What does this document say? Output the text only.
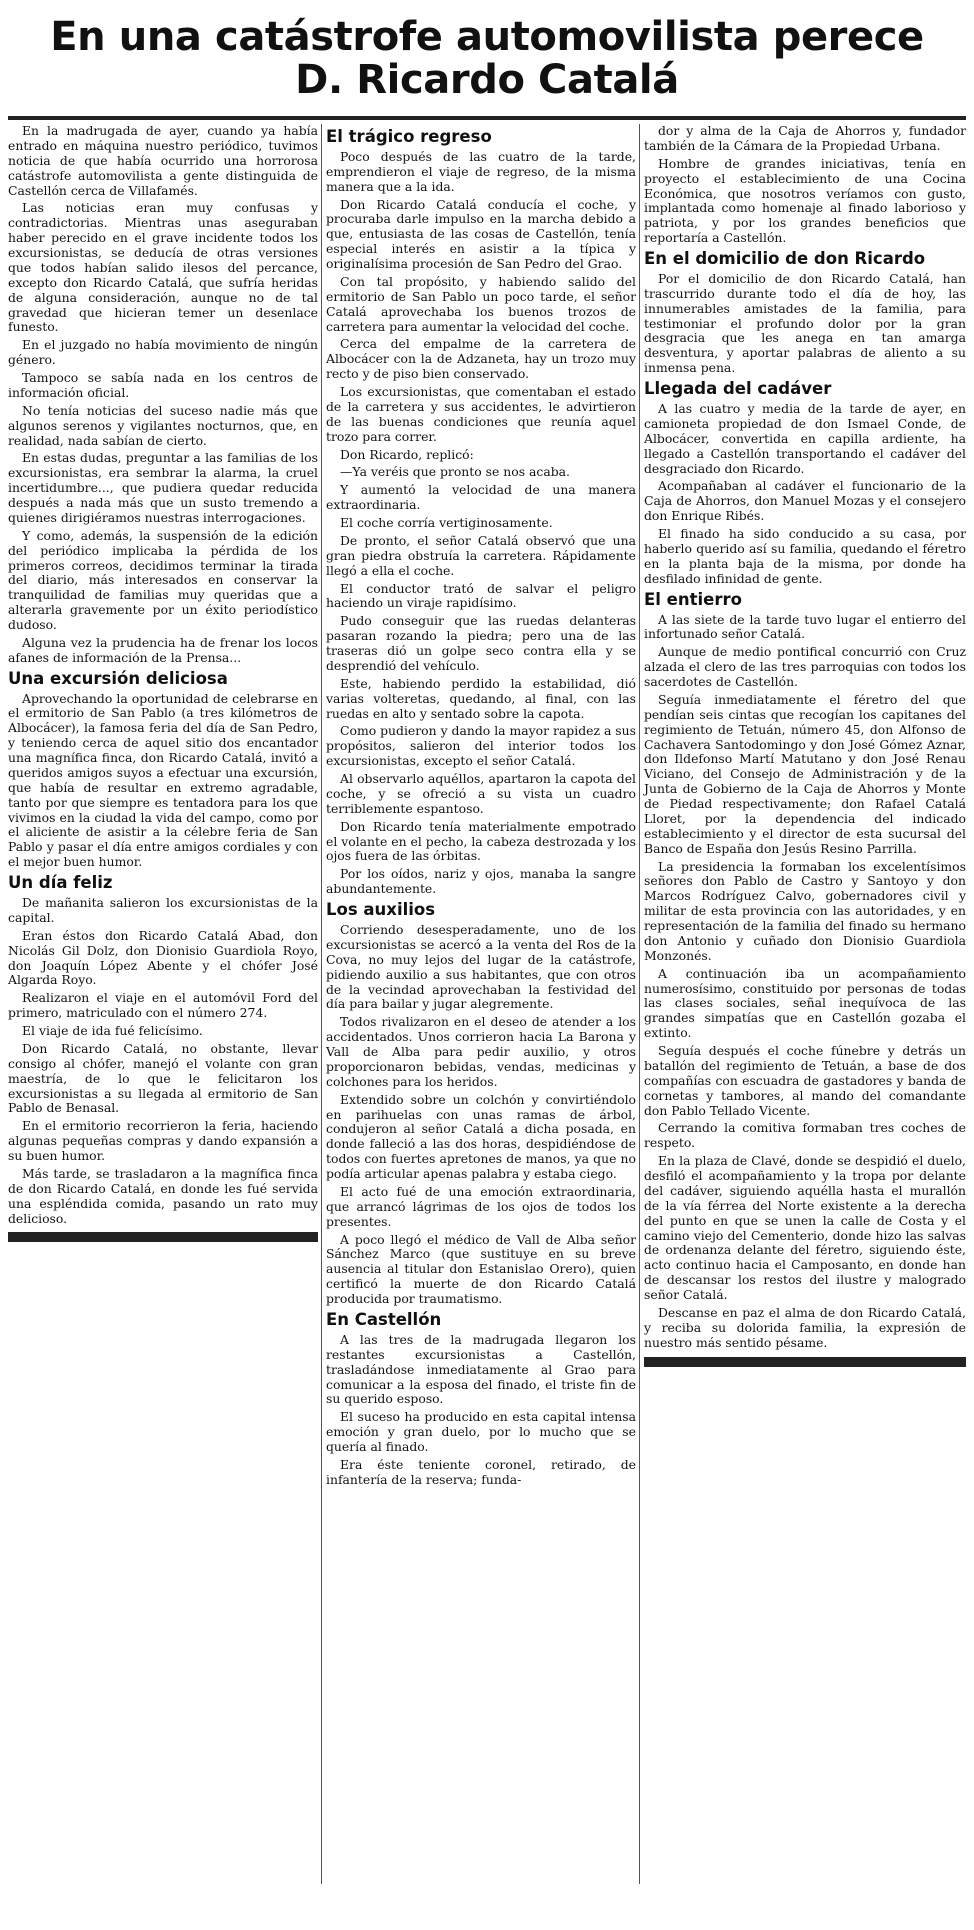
En una catástrofe automovilista perece
D. Ricardo Catalá

En la madrugada de ayer, cuando ya había entrado en máquina nuestro periódico, tuvimos noticia de que había ocurrido una horrorosa catástrofe automovilista a gente distinguida de Castellón cerca de Villafamés.

Las noticias eran muy confusas y contradictorias. Mientras unas aseguraban haber perecido en el grave incidente todos los excursionistas, se deducía de otras versiones que todos habían salido ilesos del percance, excepto don Ricardo Catalá, que sufría heridas de alguna consideración, aunque no de tal gravedad que hicieran temer un desenlace funesto.

En el juzgado no había movimiento de ningún género.

Tampoco se sabía nada en los centros de información oficial.

No tenía noticias del suceso nadie más que algunos serenos y vigilantes nocturnos, que, en realidad, nada sabían de cierto.

En estas dudas, preguntar a las familias de los excursionistas, era sembrar la alarma, la cruel incertidumbre..., que pudiera quedar reducida después a nada más que un susto tremendo a quienes dirigiéramos nuestras interrogaciones.

Y como, además, la suspensión de la edición del periódico implicaba la pérdida de los primeros correos, decidimos terminar la tirada del diario, más interesados en conservar la tranquilidad de familias muy queridas que a alterarla gravemente por un éxito periodístico dudoso.

Alguna vez la prudencia ha de frenar los locos afanes de información de la Prensa...

Una excursión deliciosa

Aprovechando la oportunidad de celebrarse en el ermitorio de San Pablo (a tres kilómetros de Albocácer), la famosa feria del día de San Pedro, y teniendo cerca de aquel sitio dos encantador una magnífica finca, don Ricardo Catalá, invitó a queridos amigos suyos a efectuar una excursión, que había de resultar en extremo agradable, tanto por que siempre es tentadora para los que vivimos en la ciudad la vida del campo, como por el aliciente de asistir a la célebre feria de San Pablo y pasar el día entre amigos cordiales y con el mejor buen humor.

Un día feliz

De mañanita salieron los excursionistas de la capital.

Eran éstos don Ricardo Catalá Abad, don Nicolás Gil Dolz, don Dionisio Guardiola Royo, don Joaquín López Abente y el chófer José Algarda Royo.

Realizaron el viaje en el automóvil Ford del primero, matriculado con el número 274.

El viaje de ida fué felicísimo.

Don Ricardo Catalá, no obstante, llevar consigo al chófer, manejó el volante con gran maestría, de lo que le felicitaron los excursionistas a su llegada al ermitorio de San Pablo de Benasal.

En el ermitorio recorrieron la feria, haciendo algunas pequeñas compras y dando expansión a su buen humor.

Más tarde, se trasladaron a la magnífica finca de don Ricardo Catalá, en donde les fué servida una espléndida comida, pasando un rato muy delicioso.

El trágico regreso

Poco después de las cuatro de la tarde, emprendieron el viaje de regreso, de la misma manera que a la ida.

Don Ricardo Catalá conducía el coche, y procuraba darle impulso en la marcha debido a que, entusiasta de las cosas de Castellón, tenía especial interés en asistir a la típica y originalísima procesión de San Pedro del Grao.

Con tal propósito, y habiendo salido del ermitorio de San Pablo un poco tarde, el señor Catalá aprovechaba los buenos trozos de carretera para aumentar la velocidad del coche.

Cerca del empalme de la carretera de Albocácer con la de Adzaneta, hay un trozo muy recto y de piso bien conservado.

Los excursionistas, que comentaban el estado de la carretera y sus accidentes, le advirtieron de las buenas condiciones que reunía aquel trozo para correr.

Don Ricardo, replicó:

—Ya veréis que pronto se nos acaba.

Y aumentó la velocidad de una manera extraordinaria.

El coche corría vertiginosamente.

De pronto, el señor Catalá observó que una gran piedra obstruía la carretera. Rápidamente llegó a ella el coche.

El conductor trató de salvar el peligro haciendo un viraje rapidísimo.

Pudo conseguir que las ruedas delanteras pasaran rozando la piedra; pero una de las traseras dió un golpe seco contra ella y se desprendió del vehículo.

Este, habiendo perdido la estabilidad, dió varias volteretas, quedando, al final, con las ruedas en alto y sentado sobre la capota.

Como pudieron y dando la mayor rapidez a sus propósitos, salieron del interior todos los excursionistas, excepto el señor Catalá.

Al observarlo aquéllos, apartaron la capota del coche, y se ofreció a su vista un cuadro terriblemente espantoso.

Don Ricardo tenía materialmente empotrado el volante en el pecho, la cabeza destrozada y los ojos fuera de las órbitas.

Por los oídos, nariz y ojos, manaba la sangre abundantemente.

Los auxilios

Corriendo desesperadamente, uno de los excursionistas se acercó a la venta del Ros de la Cova, no muy lejos del lugar de la catástrofe, pidiendo auxilio a sus habitantes, que con otros de la vecindad aprovechaban la festividad del día para bailar y jugar alegremente.

Todos rivalizaron en el deseo de atender a los accidentados. Unos corrieron hacia La Barona y Vall de Alba para pedir auxilio, y otros proporcionaron bebidas, vendas, medicinas y colchones para los heridos.

Extendido sobre un colchón y convirtiéndolo en parihuelas con unas ramas de árbol, condujeron al señor Catalá a dicha posada, en donde falleció a las dos horas, despidiéndose de todos con fuertes apretones de manos, ya que no podía articular apenas palabra y estaba ciego.

El acto fué de una emoción extraordinaria, que arrancó lágrimas de los ojos de todos los presentes.

A poco llegó el médico de Vall de Alba señor Sánchez Marco (que sustituye en su breve ausencia al titular don Estanislao Orero), quien certificó la muerte de don Ricardo Catalá producida por traumatismo.

En Castellón

A las tres de la madrugada llegaron los restantes excursionistas a Castellón, trasladándose inmediatamente al Grao para comunicar a la esposa del finado, el triste fin de su querido esposo.

El suceso ha producido en esta capital intensa emoción y gran duelo, por lo mucho que se quería al finado.

Era éste teniente coronel, retirado, de infantería de la reserva; funda-

dor y alma de la Caja de Ahorros y, fundador también de la Cámara de la Propiedad Urbana.

Hombre de grandes iniciativas, tenía en proyecto el establecimiento de una Cocina Económica, que nosotros veríamos con gusto, implantada como homenaje al finado laborioso y patriota, y por los grandes beneficios que reportaría a Castellón.

En el domicilio de don Ricardo

Por el domicilio de don Ricardo Catalá, han trascurrido durante todo el día de hoy, las innumerables amistades de la familia, para testimoniar el profundo dolor por la gran desgracia que les anega en tan amarga desventura, y aportar palabras de aliento a su inmensa pena.

Llegada del cadáver

A las cuatro y media de la tarde de ayer, en camioneta propiedad de don Ismael Conde, de Albocácer, convertida en capilla ardiente, ha llegado a Castellón transportando el cadáver del desgraciado don Ricardo.

Acompañaban al cadáver el funcionario de la Caja de Ahorros, don Manuel Mozas y el consejero don Enrique Ribés.

El finado ha sido conducido a su casa, por haberlo querido así su familia, quedando el féretro en la planta baja de la misma, por donde ha desfilado infinidad de gente.

El entierro

A las siete de la tarde tuvo lugar el entierro del infortunado señor Catalá.

Aunque de medio pontifical concurrió con Cruz alzada el clero de las tres parroquias con todos los sacerdotes de Castellón.

Seguía inmediatamente el féretro del que pendían seis cintas que recogían los capitanes del regimiento de Tetuán, número 45, don Alfonso de Cachavera Santodomingo y don José Gómez Aznar, don Ildefonso Martí Matutano y don José Renau Viciano, del Consejo de Administración y de la Junta de Gobierno de la Caja de Ahorros y Monte de Piedad respectivamente; don Rafael Catalá Lloret, por la dependencia del indicado establecimiento y el director de esta sucursal del Banco de España don Jesús Resino Parrilla.

La presidencia la formaban los excelentísimos señores don Pablo de Castro y Santoyo y don Marcos Rodríguez Calvo, gobernadores civil y militar de esta provincia con las autoridades, y en representación de la familia del finado su hermano don Antonio y cuñado don Dionisio Guardiola Monzonés.

A continuación iba un acompañamiento numerosísimo, constituido por personas de todas las clases sociales, señal inequívoca de las grandes simpatías que en Castellón gozaba el extinto.

Seguía después el coche fúnebre y detrás un batallón del regimiento de Tetuán, a base de dos compañías con escuadra de gastadores y banda de cornetas y tambores, al mando del comandante don Pablo Tellado Vicente.

Cerrando la comitiva formaban tres coches de respeto.

En la plaza de Clavé, donde se despidió el duelo, desfiló el acompañamiento y la tropa por delante del cadáver, siguiendo aquélla hasta el murallón de la vía férrea del Norte existente a la derecha del punto en que se unen la calle de Costa y el camino viejo del Cementerio, donde hizo las salvas de ordenanza delante del féretro, siguiendo éste, acto continuo hacia el Camposanto, en donde han de descansar los restos del ilustre y malogrado señor Catalá.

Descanse en paz el alma de don Ricardo Catalá, y reciba su dolorida familia, la expresión de nuestro más sentido pésame.
